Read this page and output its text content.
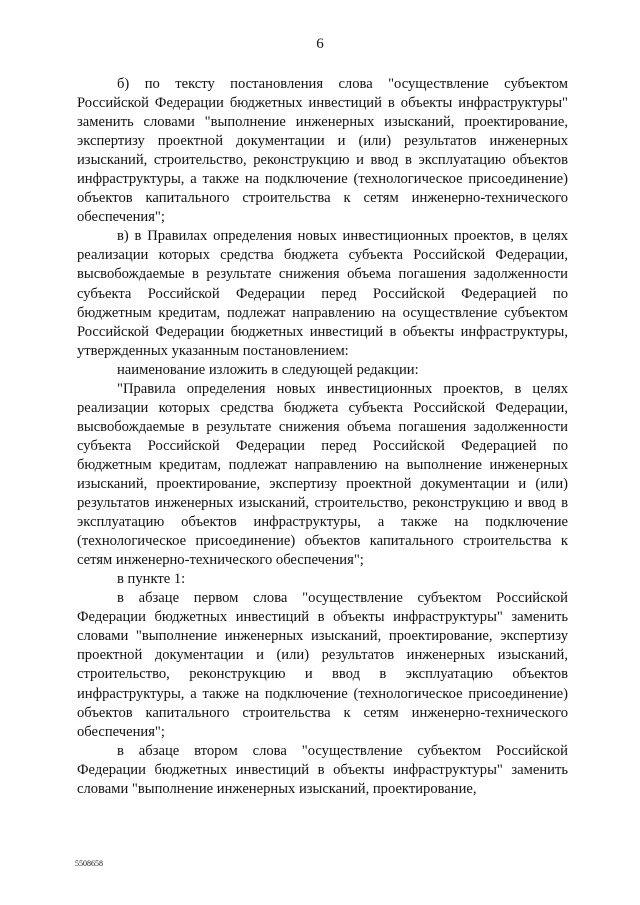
6

б) по тексту постановления слова "осуществление субъектом Российской Федерации бюджетных инвестиций в объекты инфраструктуры" заменить словами "выполнение инженерных изысканий, проектирование, экспертизу проектной документации и (или) результатов инженерных изысканий, строительство, реконструкцию и ввод в эксплуатацию объектов инфраструктуры, а также на подключение (технологическое присоединение) объектов капитального строительства к сетям инженерно-технического обеспечения";

в) в Правилах определения новых инвестиционных проектов, в целях реализации которых средства бюджета субъекта Российской Федерации, высвобождаемые в результате снижения объема погашения задолженности субъекта Российской Федерации перед Российской Федерацией по бюджетным кредитам, подлежат направлению на осуществление субъектом Российской Федерации бюджетных инвестиций в объекты инфраструктуры, утвержденных указанным постановлением:

наименование изложить в следующей редакции:

"Правила определения новых инвестиционных проектов, в целях реализации которых средства бюджета субъекта Российской Федерации, высвобождаемые в результате снижения объема погашения задолженности субъекта Российской Федерации перед Российской Федерацией по бюджетным кредитам, подлежат направлению на выполнение инженерных изысканий, проектирование, экспертизу проектной документации и (или) результатов инженерных изысканий, строительство, реконструкцию и ввод в эксплуатацию объектов инфраструктуры, а также на подключение (технологическое присоединение) объектов капитального строительства к сетям инженерно-технического обеспечения";

в пункте 1:

в абзаце первом слова "осуществление субъектом Российской Федерации бюджетных инвестиций в объекты инфраструктуры" заменить словами "выполнение инженерных изысканий, проектирование, экспертизу проектной документации и (или) результатов инженерных изысканий, строительство, реконструкцию и ввод в эксплуатацию объектов инфраструктуры, а также на подключение (технологическое присоединение) объектов капитального строительства к сетям инженерно-технического обеспечения";

в абзаце втором слова "осуществление субъектом Российской Федерации бюджетных инвестиций в объекты инфраструктуры" заменить словами "выполнение инженерных изысканий, проектирование,

5508658
